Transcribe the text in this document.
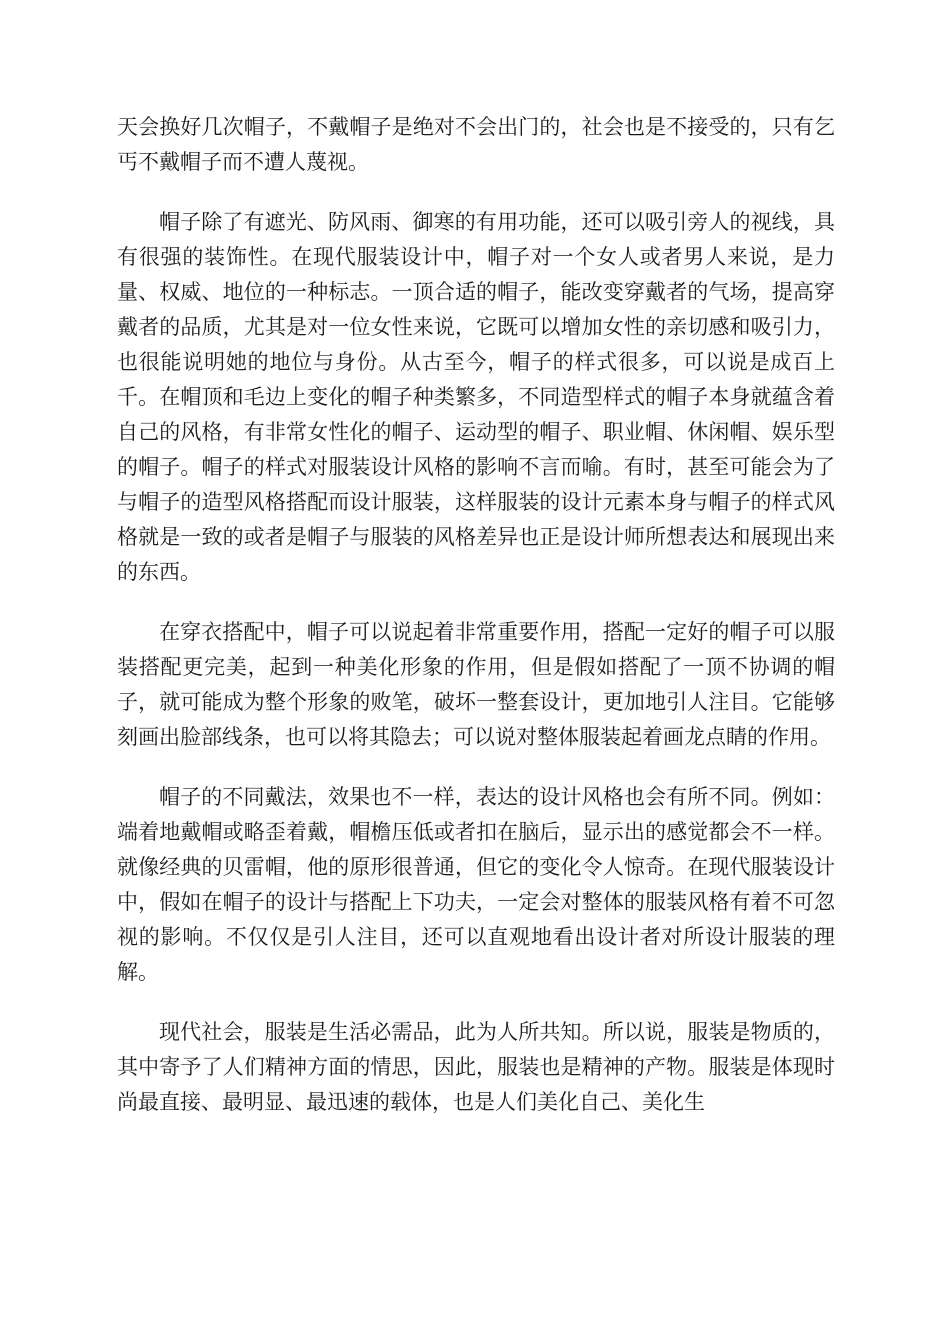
天会换好几次帽子，不戴帽子是绝对不会出门的，社会也是不接受的，只有乞丐不戴帽子而不遭人蔑视。

帽子除了有遮光、防风雨、御寒的有用功能，还可以吸引旁人的视线，具有很强的装饰性。在现代服装设计中，帽子对一个女人或者男人来说，是力量、权威、地位的一种标志。一顶合适的帽子，能改变穿戴者的气场，提高穿戴者的品质，尤其是对一位女性来说，它既可以增加女性的亲切感和吸引力，也很能说明她的地位与身份。从古至今，帽子的样式很多，可以说是成百上千。在帽顶和毛边上变化的帽子种类繁多，不同造型样式的帽子本身就蕴含着自己的风格，有非常女性化的帽子、运动型的帽子、职业帽、休闲帽、娱乐型的帽子。帽子的样式对服装设计风格的影响不言而喻。有时，甚至可能会为了与帽子的造型风格搭配而设计服装，这样服装的设计元素本身与帽子的样式风格就是一致的或者是帽子与服装的风格差异也正是设计师所想表达和展现出来的东西。

在穿衣搭配中，帽子可以说起着非常重要作用，搭配一定好的帽子可以服装搭配更完美，起到一种美化形象的作用，但是假如搭配了一顶不协调的帽子，就可能成为整个形象的败笔，破坏一整套设计，更加地引人注目。它能够刻画出脸部线条，也可以将其隐去；可以说对整体服装起着画龙点睛的作用。

帽子的不同戴法，效果也不一样，表达的设计风格也会有所不同。例如：端着地戴帽或略歪着戴，帽檐压低或者扣在脑后，显示出的感觉都会不一样。就像经典的贝雷帽，他的原形很普通，但它的变化令人惊奇。在现代服装设计中，假如在帽子的设计与搭配上下功夫，一定会对整体的服装风格有着不可忽视的影响。不仅仅是引人注目，还可以直观地看出设计者对所设计服装的理解。

现代社会，服装是生活必需品，此为人所共知。所以说，服装是物质的，其中寄予了人们精神方面的情思，因此，服装也是精神的产物。服装是体现时尚最直接、最明显、最迅速的载体，也是人们美化自己、美化生
